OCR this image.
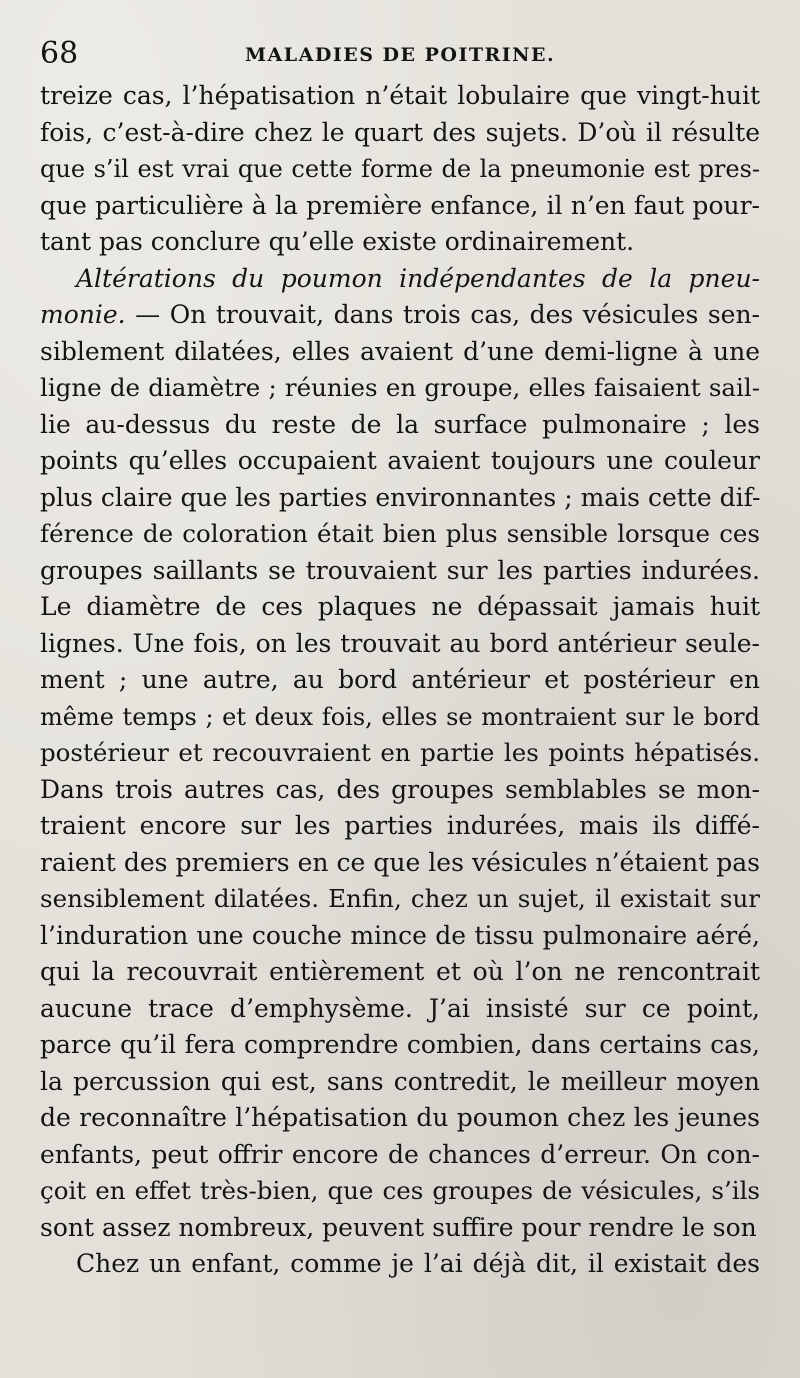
68	MALADIES DE POITRINE.
treize cas, l’hépatisation n’était lobulaire que vingt-huit
fois, c’est-à-dire chez le quart des sujets. D’où il résulte
que s’il est vrai que cette forme de la pneumonie est pres-
que particulière à la première enfance, il n’en faut pour-
tant pas conclure qu’elle existe ordinairement.
Altérations du poumon indépendantes de la pneu-
monie. — On trouvait, dans trois cas, des vésicules sen-
siblement dilatées, elles avaient d’une demi-ligne à une
ligne de diamètre ; réunies en groupe, elles faisaient sail-
lie au-dessus du reste de la surface pulmonaire ; les
points qu’elles occupaient avaient toujours une couleur
plus claire que les parties environnantes ; mais cette dif-
férence de coloration était bien plus sensible lorsque ces
groupes saillants se trouvaient sur les parties indurées.
Le diamètre de ces plaques ne dépassait jamais huit
lignes. Une fois, on les trouvait au bord antérieur seule-
ment ; une autre, au bord antérieur et postérieur en
même temps ; et deux fois, elles se montraient sur le bord
postérieur et recouvraient en partie les points hépatisés.
Dans trois autres cas, des groupes semblables se mon-
traient encore sur les parties indurées, mais ils diffé-
raient des premiers en ce que les vésicules n’étaient pas
sensiblement dilatées. Enfin, chez un sujet, il existait sur
l’induration une couche mince de tissu pulmonaire aéré,
qui la recouvrait entièrement et où l’on ne rencontrait
aucune trace d’emphysème. J’ai insisté sur ce point,
parce qu’il fera comprendre combien, dans certains cas,
la percussion qui est, sans contredit, le meilleur moyen
de reconnaître l’hépatisation du poumon chez les jeunes
enfants, peut offrir encore de chances d’erreur. On con-
çoit en effet très-bien, que ces groupes de vésicules, s’ils
sont assez nombreux, peuvent suffire pour rendre le son
Chez un enfant, comme je l’ai déjà dit, il existait des
